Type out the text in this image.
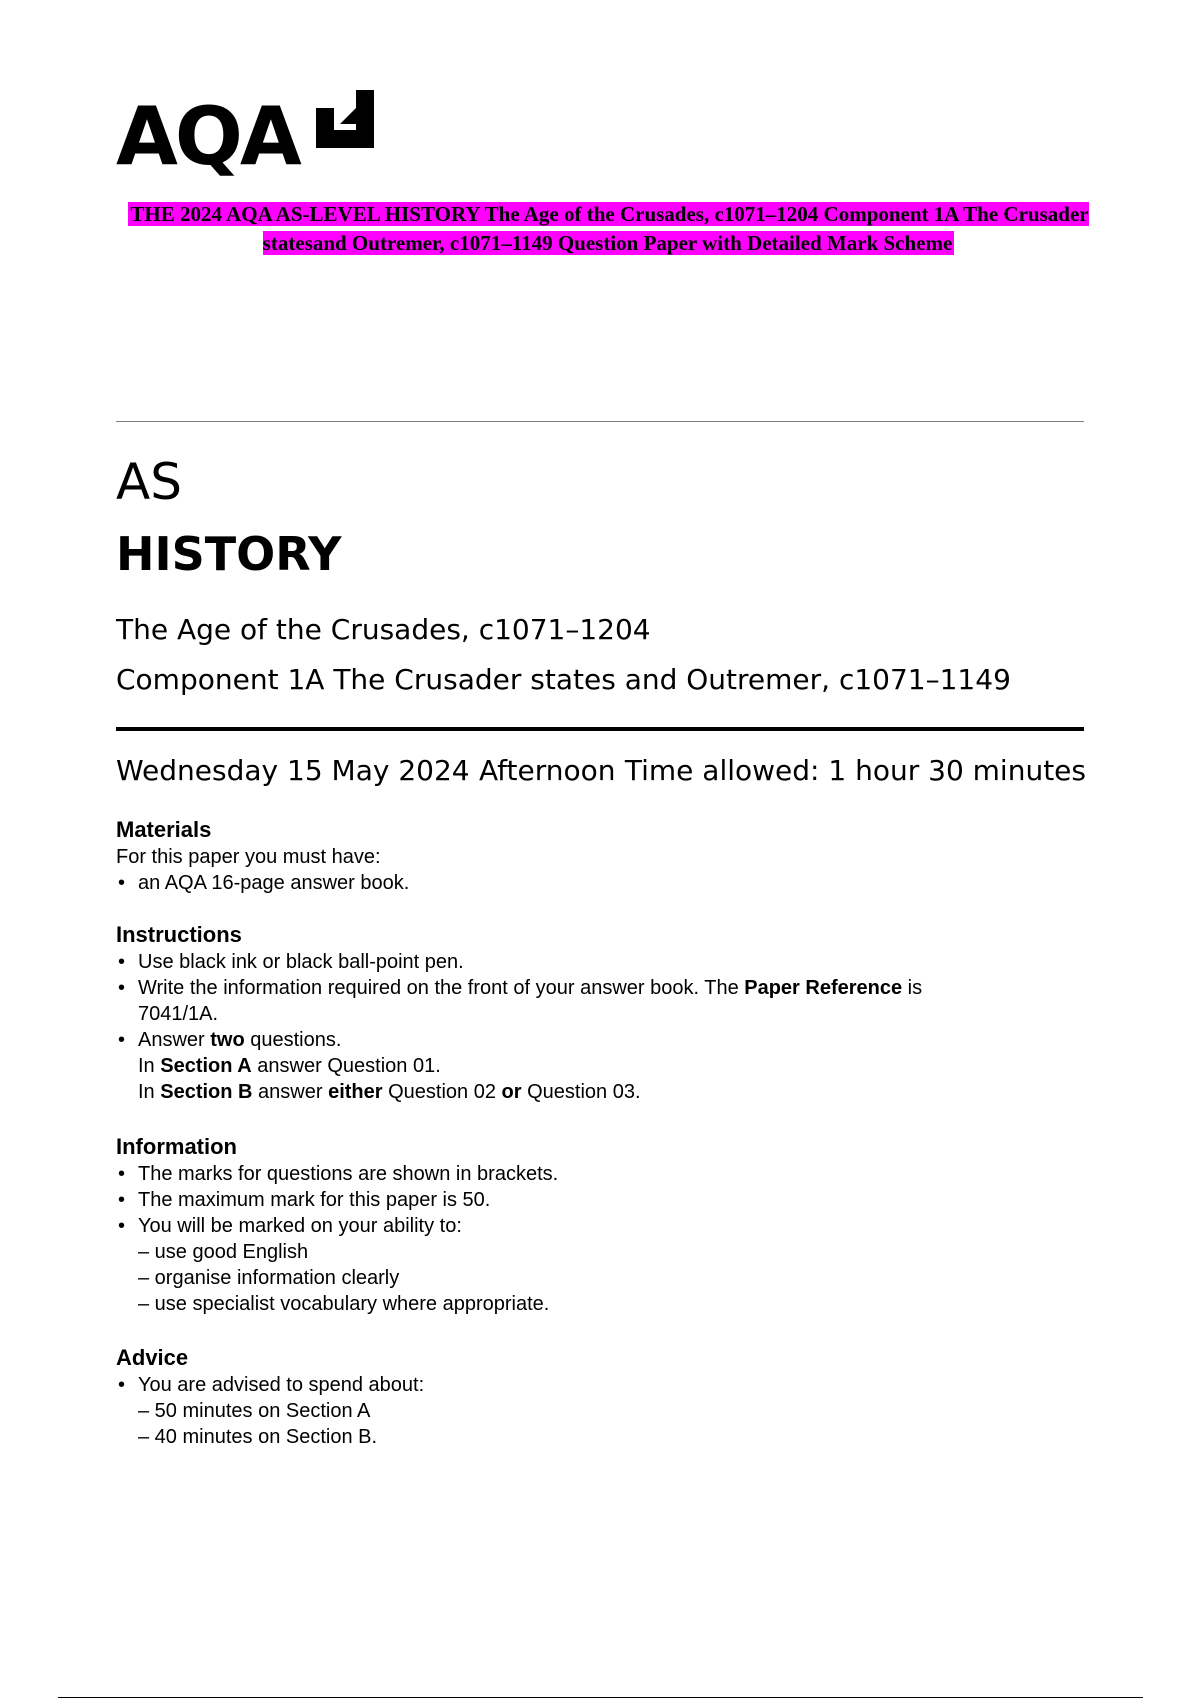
AQA
THE 2024 AQA AS-LEVEL HISTORY The Age of the Crusades, c1071–1204 Component 1A The Crusader statesand Outremer, c1071–1149 Question Paper with Detailed Mark Scheme
AS
HISTORY
The Age of the Crusades, c1071–1204
Component 1A The Crusader states and Outremer, c1071–1149
Wednesday 15 May 2024 Afternoon Time allowed: 1 hour 30 minutes
Materials

For this paper you must have:

• an AQA 16-page answer book.
Instructions
• Use black ink or black ball-point pen.
• Write the information required on the front of your answer book. The Paper Reference is
7041/1A.
• Answer two questions.
In Section A answer Question 01.
In Section B answer either Question 02 or Question 03.
Information
• The marks for questions are shown in brackets.
• The maximum mark for this paper is 50.
• You will be marked on your ability to:
– use good English
– organise information clearly
– use specialist vocabulary where appropriate.
Advice
• You are advised to spend about:
– 50 minutes on Section A
– 40 minutes on Section B.
